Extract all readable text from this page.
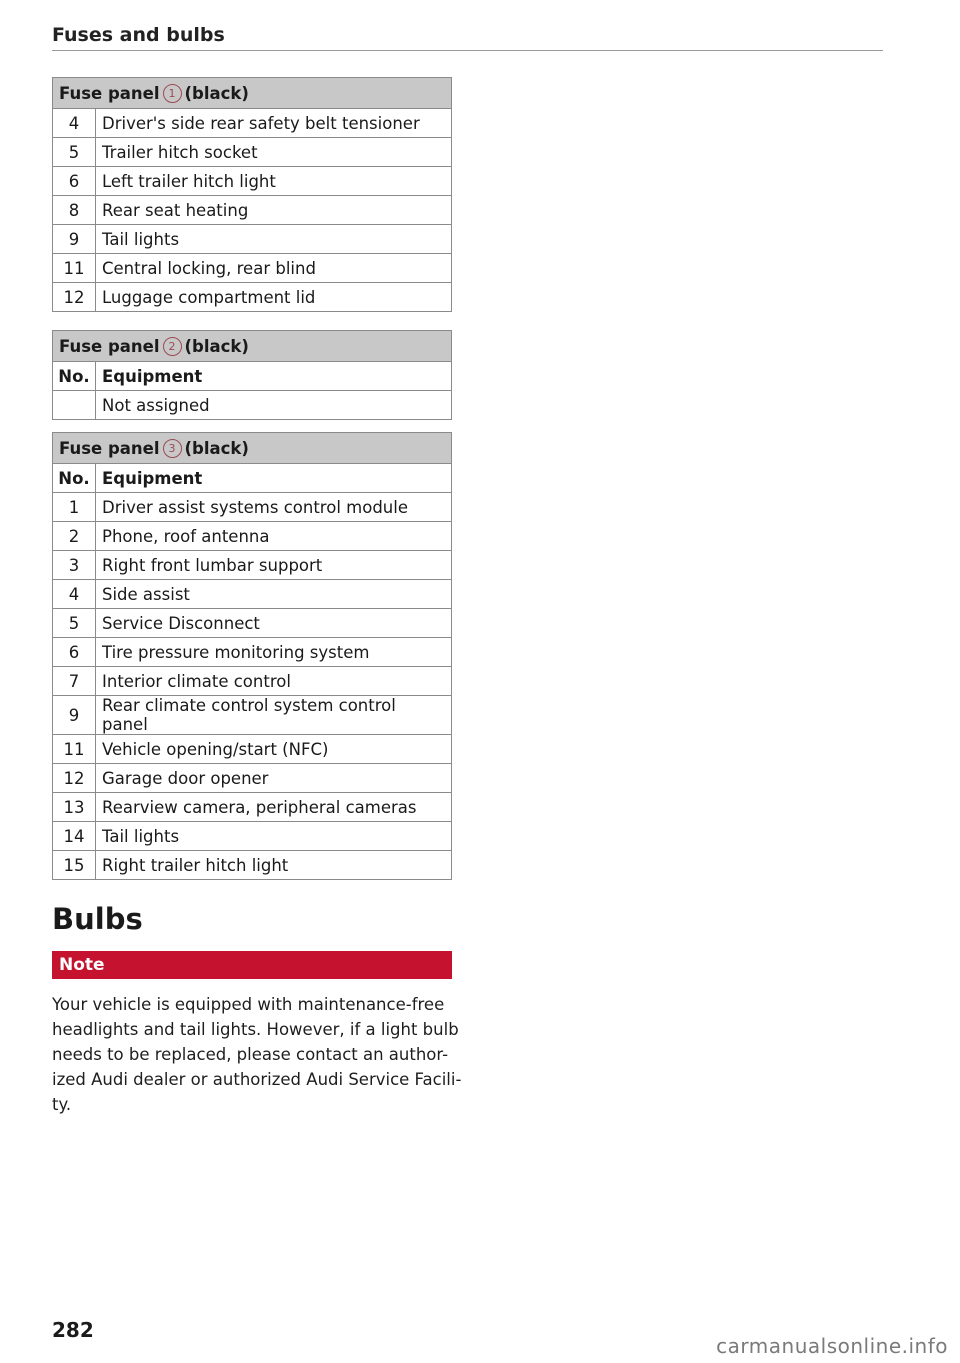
Fuses and bulbs
Fuse panel 1 (black)	
4	Driver's side rear safety belt tensioner
5	Trailer hitch socket
6	Left trailer hitch light
8	Rear seat heating
9	Tail lights
11	Central locking, rear blind
12	Luggage compartment lid
Fuse panel 2 (black)	
No.	Equipment
	Not assigned
Fuse panel 3 (black)	
No.	Equipment
1	Driver assist systems control module
2	Phone, roof antenna
3	Right front lumbar support
4	Side assist
5	Service Disconnect
6	Tire pressure monitoring system
7	Interior climate control
9	Rear climate control system control panel
11	Vehicle opening/start (NFC)
12	Garage door opener
13	Rearview camera, peripheral cameras
14	Tail lights
15	Right trailer hitch light
Bulbs
Note
Your vehicle is equipped with maintenance-free
headlights and tail lights. However, if a light bulb
needs to be replaced, please contact an author-
ized Audi dealer or authorized Audi Service Facili-
ty.
282
carmanualsonline.info
